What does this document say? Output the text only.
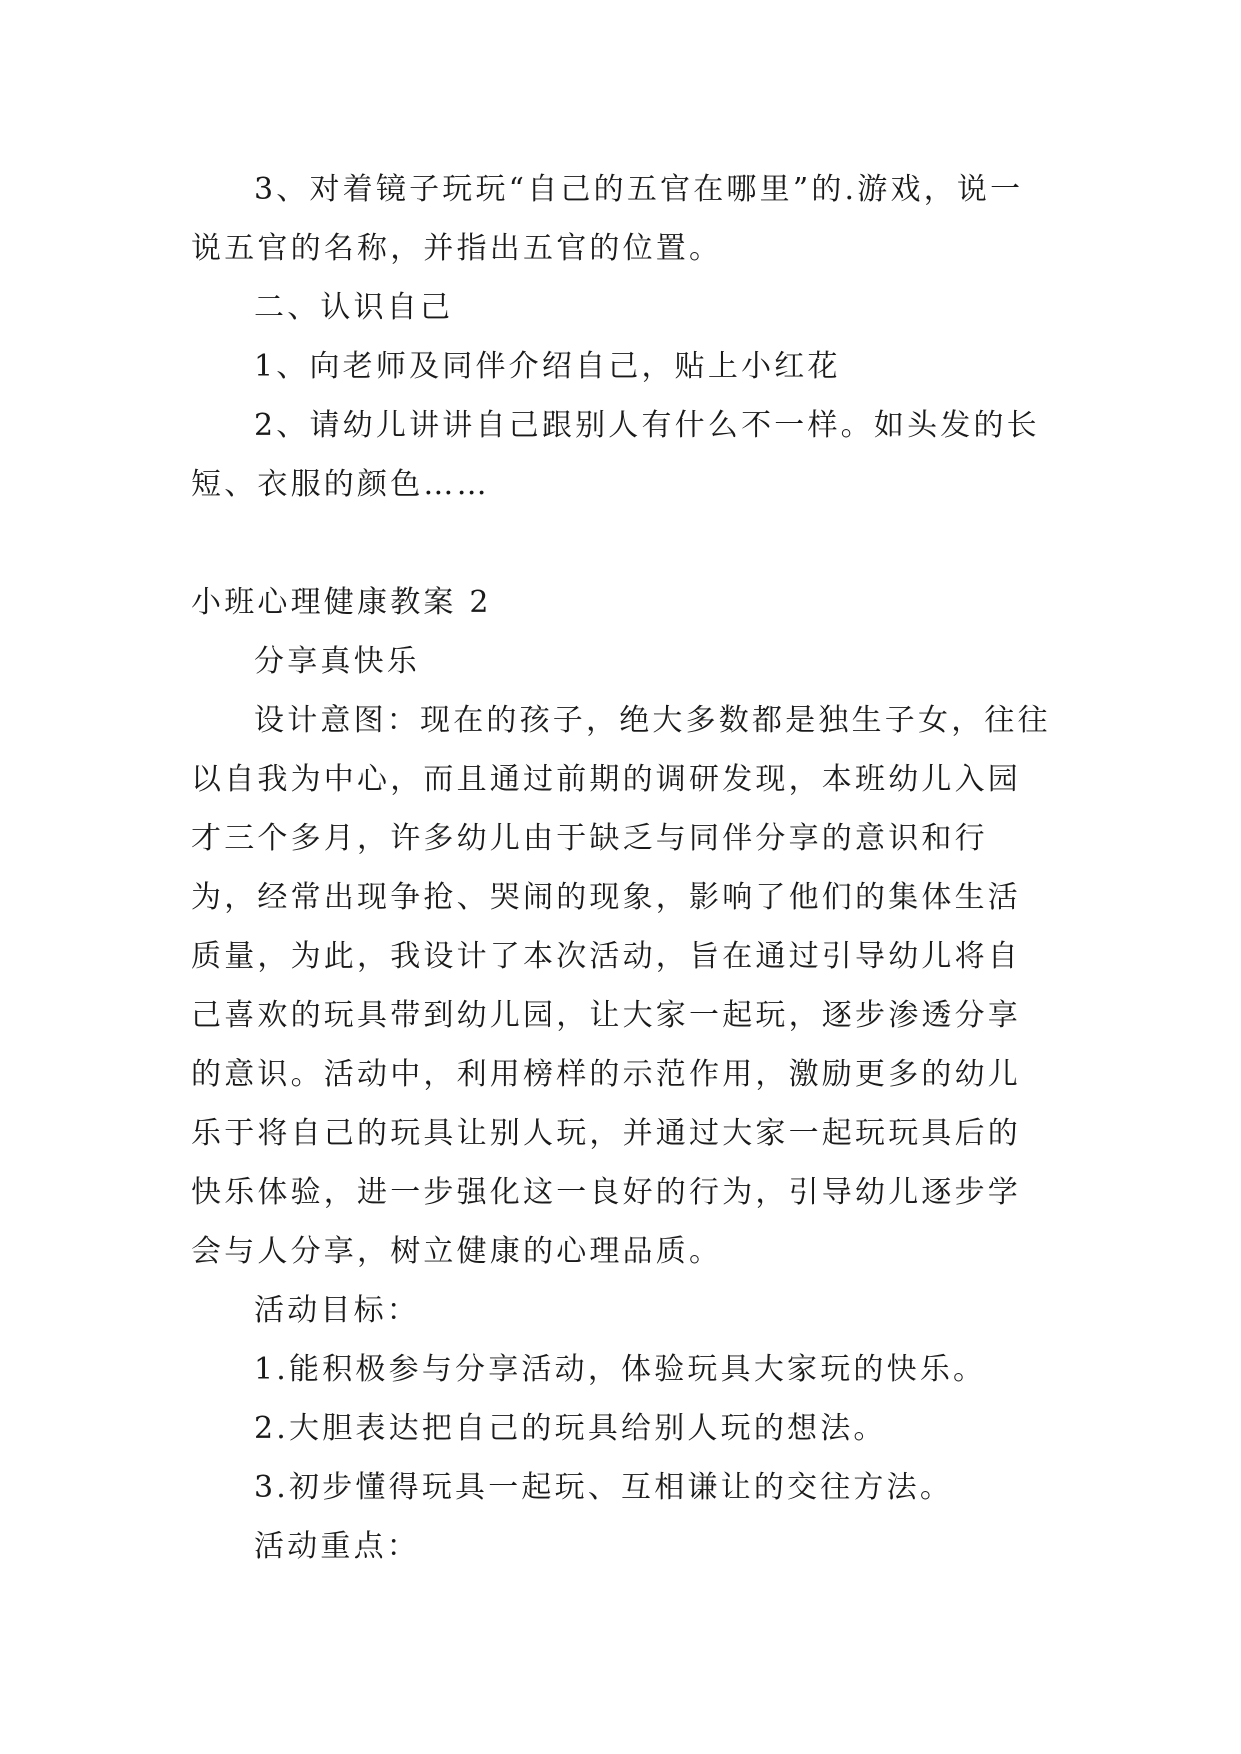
3、对着镜子玩玩“自己的五官在哪里”的.游戏，说一说五官的名称，并指出五官的位置。

二、认识自己

1、向老师及同伴介绍自己，贴上小红花

2、请幼儿讲讲自己跟别人有什么不一样。如头发的长短、衣服的颜色……

小班心理健康教案 2

分享真快乐

设计意图：现在的孩子，绝大多数都是独生子女，往往以自我为中心，而且通过前期的调研发现，本班幼儿入园才三个多月，许多幼儿由于缺乏与同伴分享的意识和行为，经常出现争抢、哭闹的现象，影响了他们的集体生活质量，为此，我设计了本次活动，旨在通过引导幼儿将自己喜欢的玩具带到幼儿园，让大家一起玩，逐步渗透分享的意识。活动中，利用榜样的示范作用，激励更多的幼儿乐于将自己的玩具让别人玩，并通过大家一起玩玩具后的快乐体验，进一步强化这一良好的行为，引导幼儿逐步学会与人分享，树立健康的心理品质。

活动目标：

1.能积极参与分享活动，体验玩具大家玩的快乐。

2.大胆表达把自己的玩具给别人玩的想法。

3.初步懂得玩具一起玩、互相谦让的交往方法。

活动重点：
